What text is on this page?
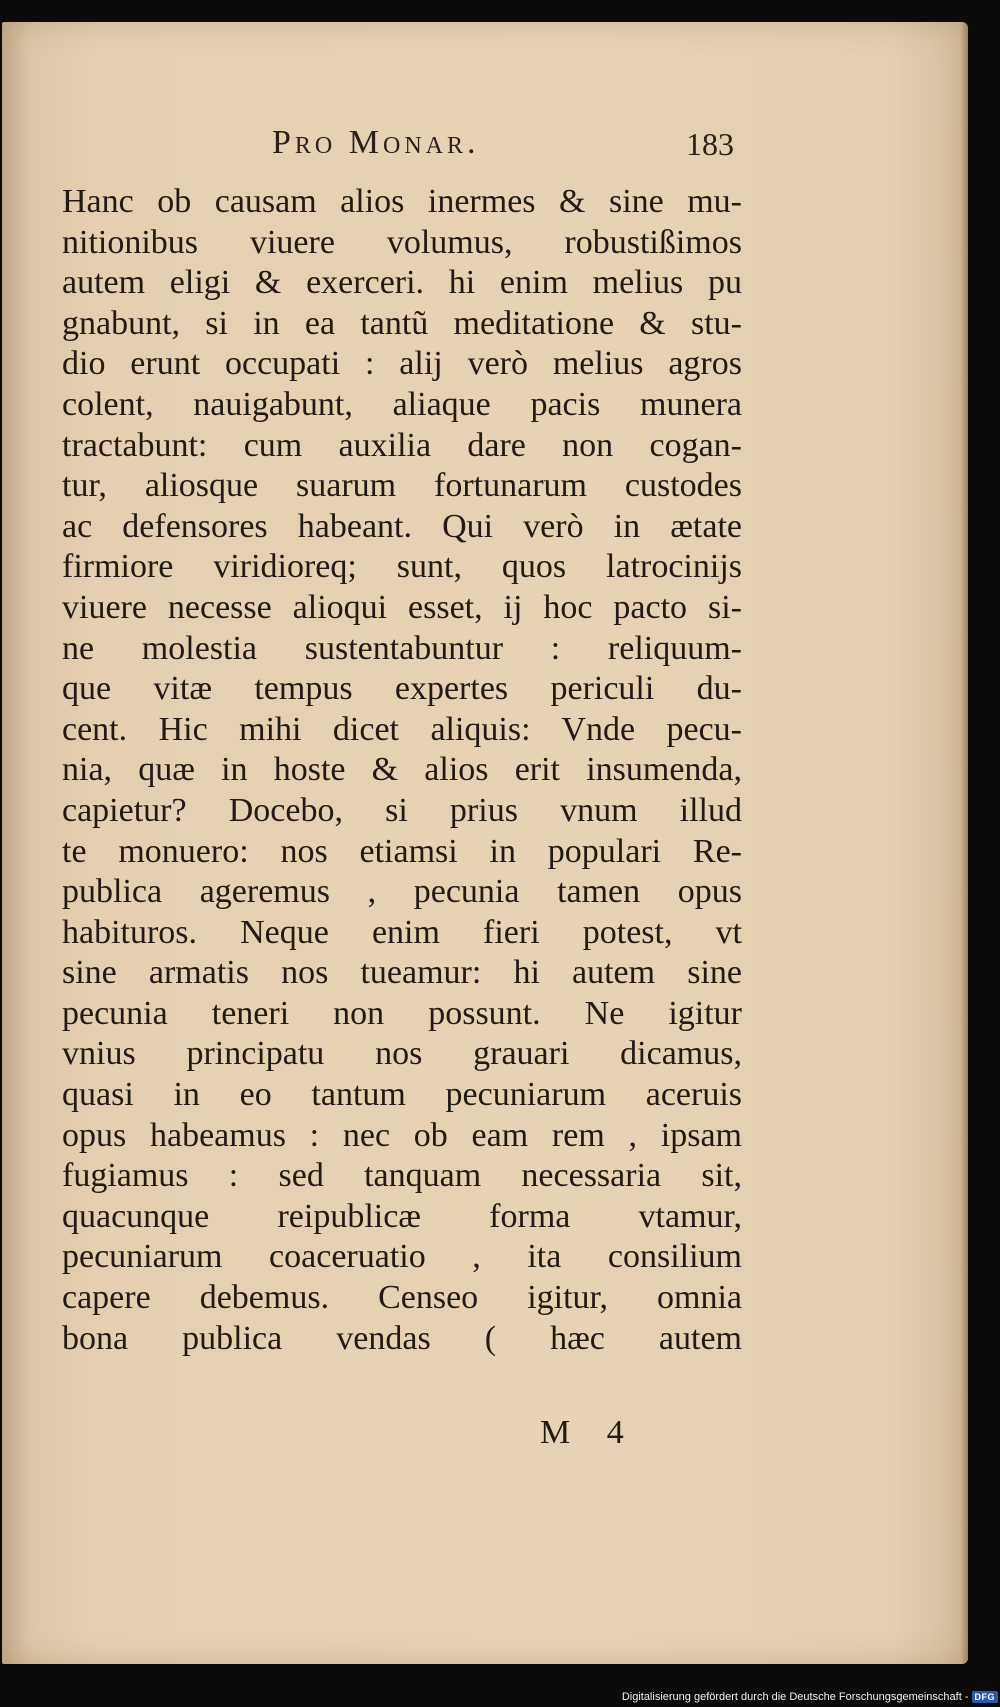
Pro Monar.	183
Hanc ob causam alios inermes & sine mu-
nitionibus viuere volumus, robustißimos
autem eligi & exerceri. hi enim melius pu
gnabunt, si in ea tantũ meditatione & stu-
dio erunt occupati : alij verò melius agros
colent, nauigabunt, aliaque pacis munera
tractabunt: cum auxilia dare non cogan-
tur, aliosque suarum fortunarum custodes
ac defensores habeant. Qui verò in ætate
firmiore viridioreq; sunt, quos latrocinijs
viuere necesse alioqui esset, ij hoc pacto si-
ne molestia sustentabuntur : reliquum-
que vitæ tempus expertes periculi du-
cent. Hic mihi dicet aliquis: Vnde pecu-
nia, quæ in hoste & alios erit insumenda,
capietur? Docebo, si prius vnum illud
te monuero: nos etiamsi in populari Re-
publica ageremus , pecunia tamen opus
habituros. Neque enim fieri potest, vt
sine armatis nos tueamur: hi autem sine
pecunia teneri non possunt. Ne igitur
vnius principatu nos grauari dicamus,
quasi in eo tantum pecuniarum aceruis
opus habeamus : nec ob eam rem , ipsam
fugiamus : sed tanquam necessaria sit,
quacunque reipublicæ forma vtamur,
pecuniarum coaceruatio , ita consilium
capere debemus. Censeo igitur, omnia
bona publica vendas ( hæc autem
M 4
Digitalisierung gefördert durch die Deutsche Forschungsgemeinschaft - DFG
